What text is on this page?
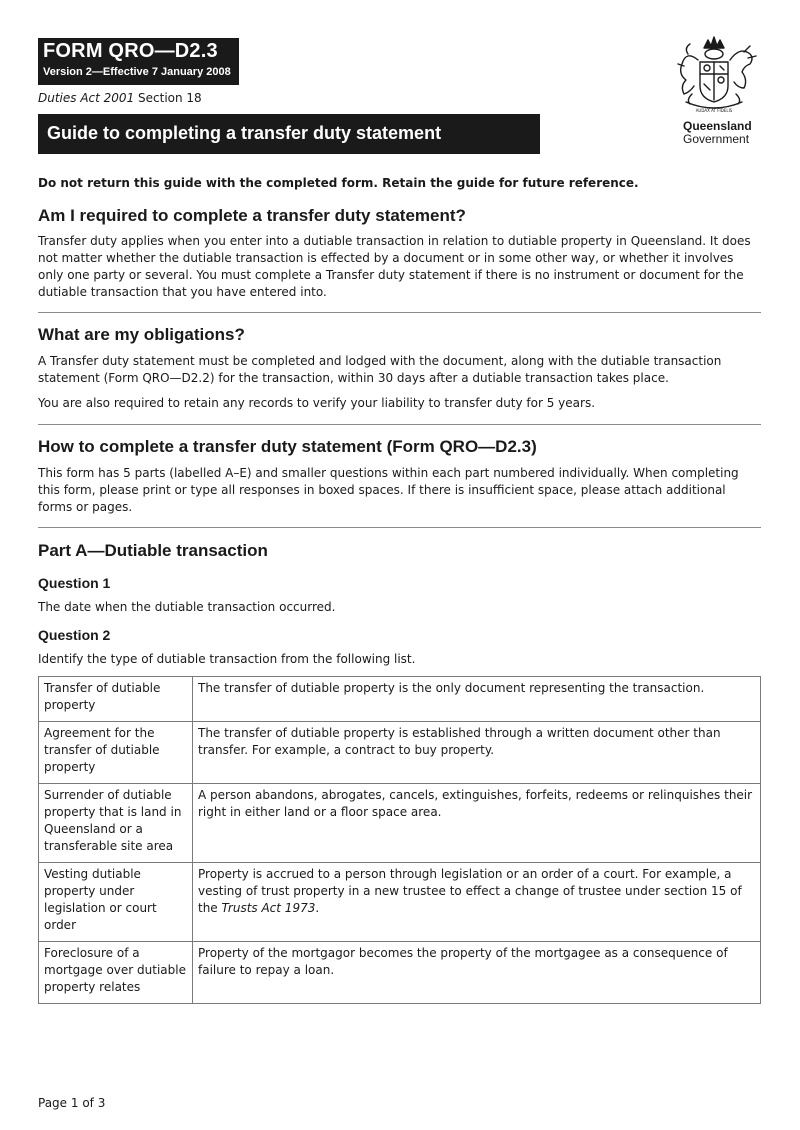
FORM QRO—D2.3
Version 2—Effective 7 January 2008
Duties Act 2001 Section 18
Guide to completing a transfer duty statement
AUDAX AT FIDELIS
Queensland
Government
Do not return this guide with the completed form. Retain the guide for future reference.
Am I required to complete a transfer duty statement?

Transfer duty applies when you enter into a dutiable transaction in relation to dutiable property in Queensland. It does not matter whether the dutiable transaction is effected by a document or in some other way, or whether it involves only one party or several. You must complete a Transfer duty statement if there is no instrument or document for the dutiable transaction that you have entered into.

What are my obligations?

A Transfer duty statement must be completed and lodged with the document, along with the dutiable transaction statement (Form QRO—D2.2) for the transaction, within 30 days after a dutiable transaction takes place.

You are also required to retain any records to verify your liability to transfer duty for 5 years.

How to complete a transfer duty statement (Form QRO—D2.3)

This form has 5 parts (labelled A–E) and smaller questions within each part numbered individually. When completing this form, please print or type all responses in boxed spaces. If there is insufficient space, please attach additional forms or pages.

Part A—Dutiable transaction
Question 1

The date when the dutiable transaction occurred.

Question 2

Identify the type of dutiable transaction from the following list.

Transfer of dutiable property	The transfer of dutiable property is the only document representing the transaction.
Agreement for the transfer of dutiable property	The transfer of dutiable property is established through a written document other than transfer. For example, a contract to buy property.
Surrender of dutiable property that is land in Queensland or a transferable site area	A person abandons, abrogates, cancels, extinguishes, forfeits, redeems or relinquishes their right in either land or a floor space area.
Vesting dutiable property under legislation or court order	Property is accrued to a person through legislation or an order of a court. For example, a vesting of trust property in a new trustee to effect a change of trustee under section 15 of the Trusts Act 1973.
Foreclosure of a mortgage over dutiable property relates	Property of the mortgagor becomes the property of the mortgagee as a consequence of failure to repay a loan.
Page 1 of 3
